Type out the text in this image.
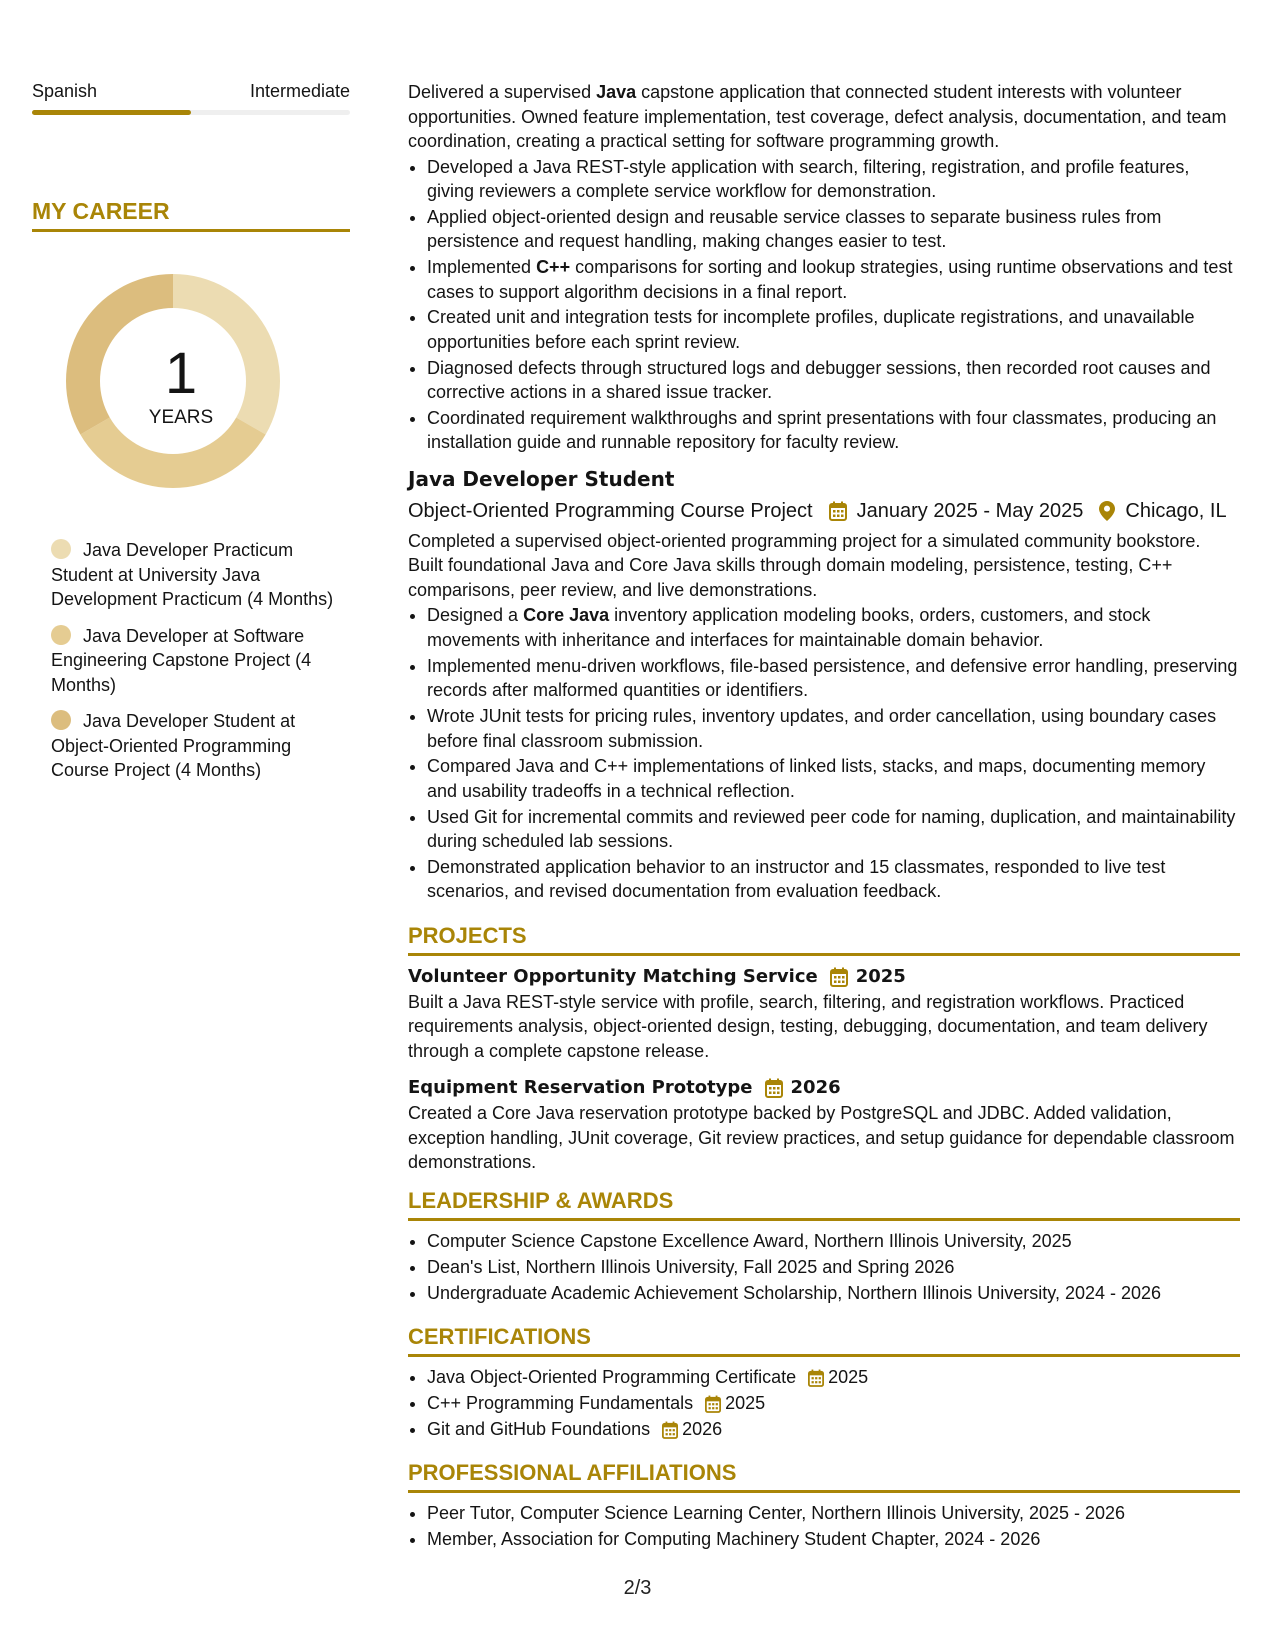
Spanish	Intermediate
MY CAREER
1
YEARS
Java Developer Practicum Student at University Java Development Practicum (4 Months)
Java Developer at Software Engineering Capstone Project (4 Months)
Java Developer Student at Object-Oriented Programming Course Project (4 Months)

Delivered a supervised Java capstone application that connected student interests with volunteer opportunities. Owned feature implementation, test coverage, defect analysis, documentation, and team coordination, creating a practical setting for software programming growth.

• Developed a Java REST-style application with search, filtering, registration, and profile features, giving reviewers a complete service workflow for demonstration.
• Applied object-oriented design and reusable service classes to separate business rules from persistence and request handling, making changes easier to test.
• Implemented C++ comparisons for sorting and lookup strategies, using runtime observations and test cases to support algorithm decisions in a final report.
• Created unit and integration tests for incomplete profiles, duplicate registrations, and unavailable opportunities before each sprint review.
• Diagnosed defects through structured logs and debugger sessions, then recorded root causes and corrective actions in a shared issue tracker.
• Coordinated requirement walkthroughs and sprint presentations with four classmates, producing an installation guide and runnable repository for faculty review.
Java Developer Student
Object-Oriented Programming Course Project January 2025 - May 2025 Chicago, IL

Completed a supervised object-oriented programming project for a simulated community bookstore. Built foundational Java and Core Java skills through domain modeling, persistence, testing, C++ comparisons, peer review, and live demonstrations.

• Designed a Core Java inventory application modeling books, orders, customers, and stock movements with inheritance and interfaces for maintainable domain behavior.
• Implemented menu-driven workflows, file-based persistence, and defensive error handling, preserving records after malformed quantities or identifiers.
• Wrote JUnit tests for pricing rules, inventory updates, and order cancellation, using boundary cases before final classroom submission.
• Compared Java and C++ implementations of linked lists, stacks, and maps, documenting memory and usability tradeoffs in a technical reflection.
• Used Git for incremental commits and reviewed peer code for naming, duplication, and maintainability during scheduled lab sessions.
• Demonstrated application behavior to an instructor and 15 classmates, responded to live test scenarios, and revised documentation from evaluation feedback.
PROJECTS
Volunteer Opportunity Matching Service 2025

Built a Java REST-style service with profile, search, filtering, and registration workflows. Practiced requirements analysis, object-oriented design, testing, debugging, documentation, and team delivery through a complete capstone release.

Equipment Reservation Prototype 2026

Created a Core Java reservation prototype backed by PostgreSQL and JDBC. Added validation, exception handling, JUnit coverage, Git review practices, and setup guidance for dependable classroom demonstrations.

LEADERSHIP & AWARDS
• Computer Science Capstone Excellence Award, Northern Illinois University, 2025
• Dean's List, Northern Illinois University, Fall 2025 and Spring 2026
• Undergraduate Academic Achievement Scholarship, Northern Illinois University, 2024 - 2026
CERTIFICATIONS
• Java Object-Oriented Programming Certificate 2025
• C++ Programming Fundamentals 2025
• Git and GitHub Foundations 2026
PROFESSIONAL AFFILIATIONS
• Peer Tutor, Computer Science Learning Center, Northern Illinois University, 2025 - 2026
• Member, Association for Computing Machinery Student Chapter, 2024 - 2026
2/3
